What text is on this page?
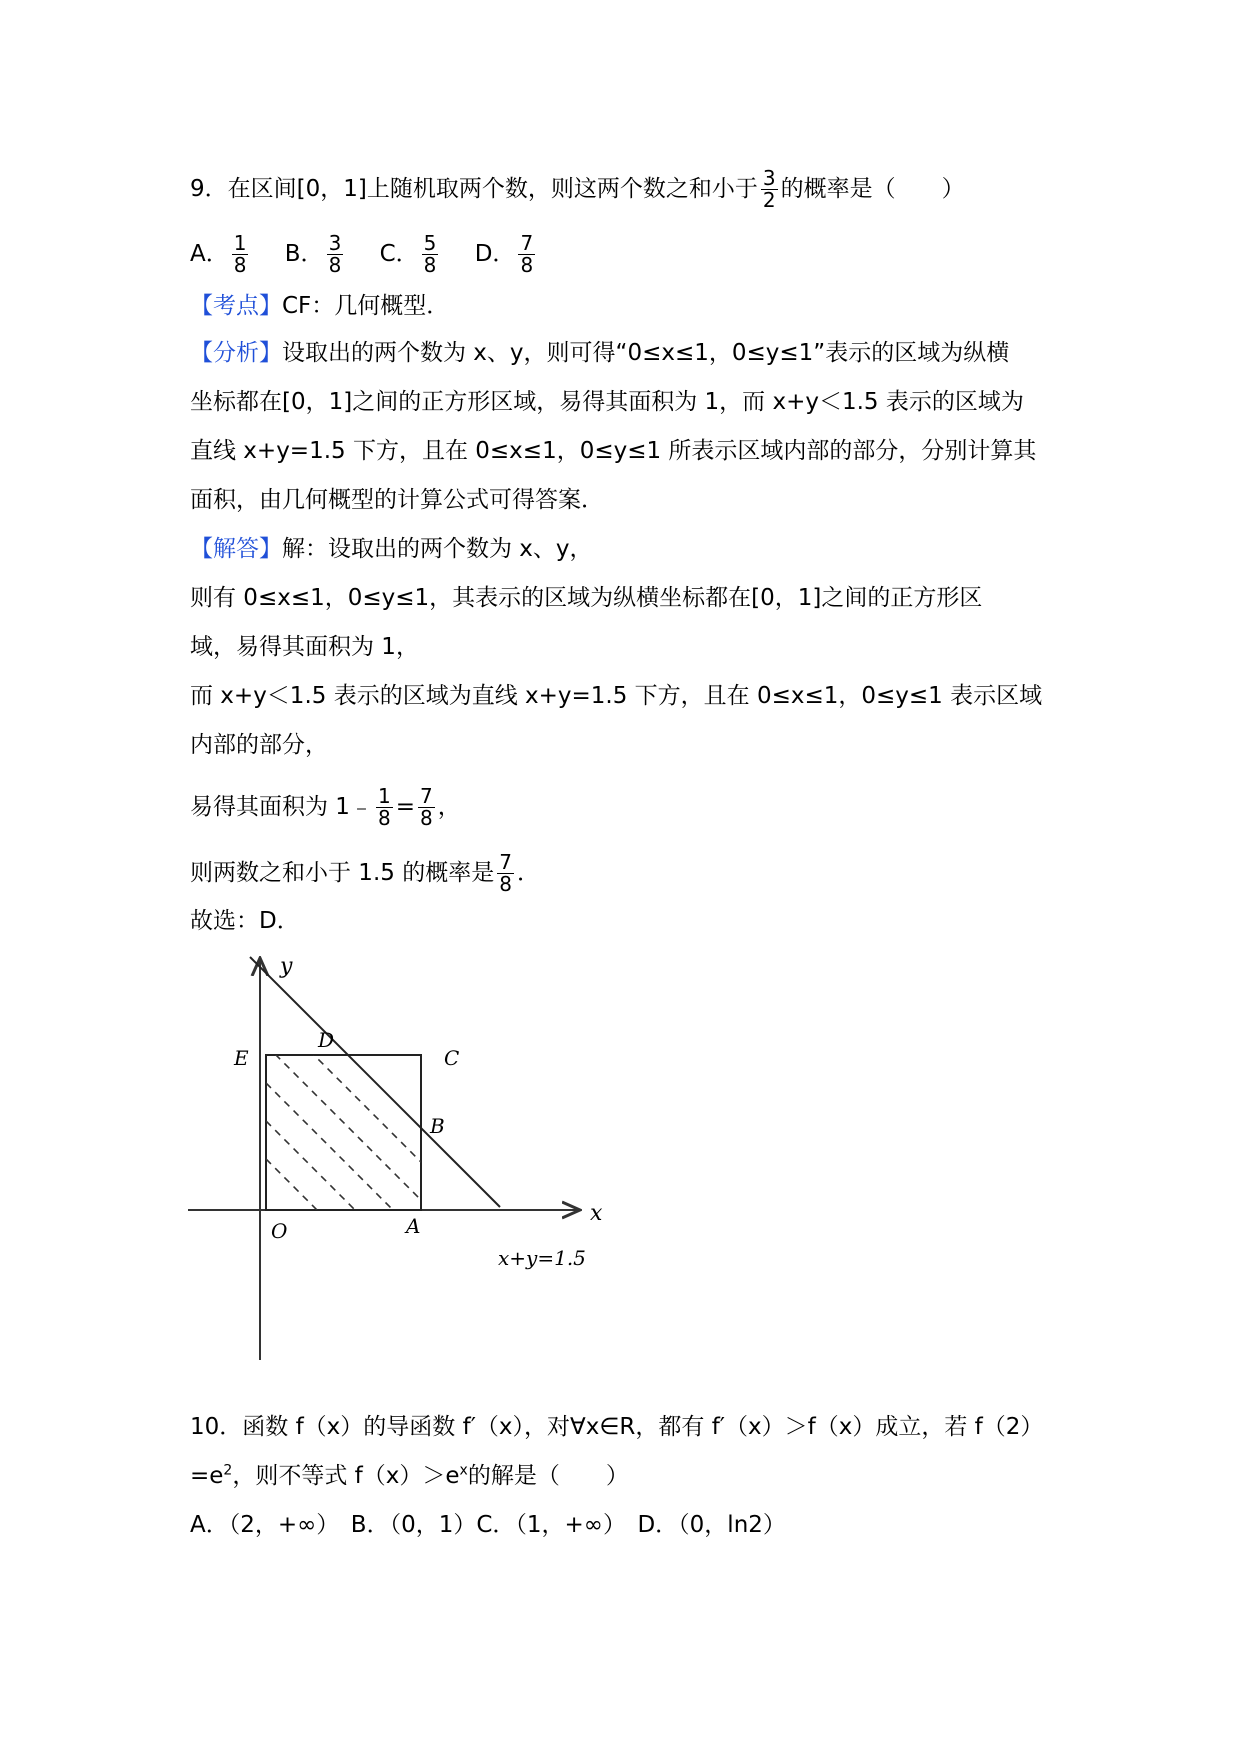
9．在区间[0，1]上随机取两个数，则这两个数之和小于 $\frac{3}{2}$ 的概率是（　　）
A． $\frac{1}{8}$ B． $\frac{3}{8}$ C． $\frac{5}{8}$ D． $\frac{7}{8}$
【考点】CF：几何概型．
【分析】设取出的两个数为 x、y，则可得“0≤x≤1，0≤y≤1”表示的区域为纵横
坐标都在[0，1]之间的正方形区域，易得其面积为 1，而 x+y＜1.5 表示的区域为
直线 x+y=1.5 下方，且在 0≤x≤1，0≤y≤1 所表示区域内部的部分，分别计算其
面积，由几何概型的计算公式可得答案．
【解答】解：设取出的两个数为 x、y，
则有 0≤x≤1，0≤y≤1，其表示的区域为纵横坐标都在[0，1]之间的正方形区
域，易得其面积为 1，
而 x+y＜1.5 表示的区域为直线 x+y=1.5 下方，且在 0≤x≤1，0≤y≤1 表示区域
内部的部分，
易得其面积为 1﹣ $\frac{1}{8} = \frac{7}{8}$ ，
则两数之和小于 1.5 的概率是 $\frac{7}{8}$ ．
故选：D．
y
x
E
D
C
B
O	A
x+y=1.5
10．函数 f（x）的导函数 f′（x），对∀x∈R，都有 f′（x）＞f（x）成立，若 f（2）
$=e^2$，则不等式 $f(x)>e^x$的解是（　　）
A．（2，+∞）　B．（0，1）C．（1，+∞）　D．（0，ln2）
